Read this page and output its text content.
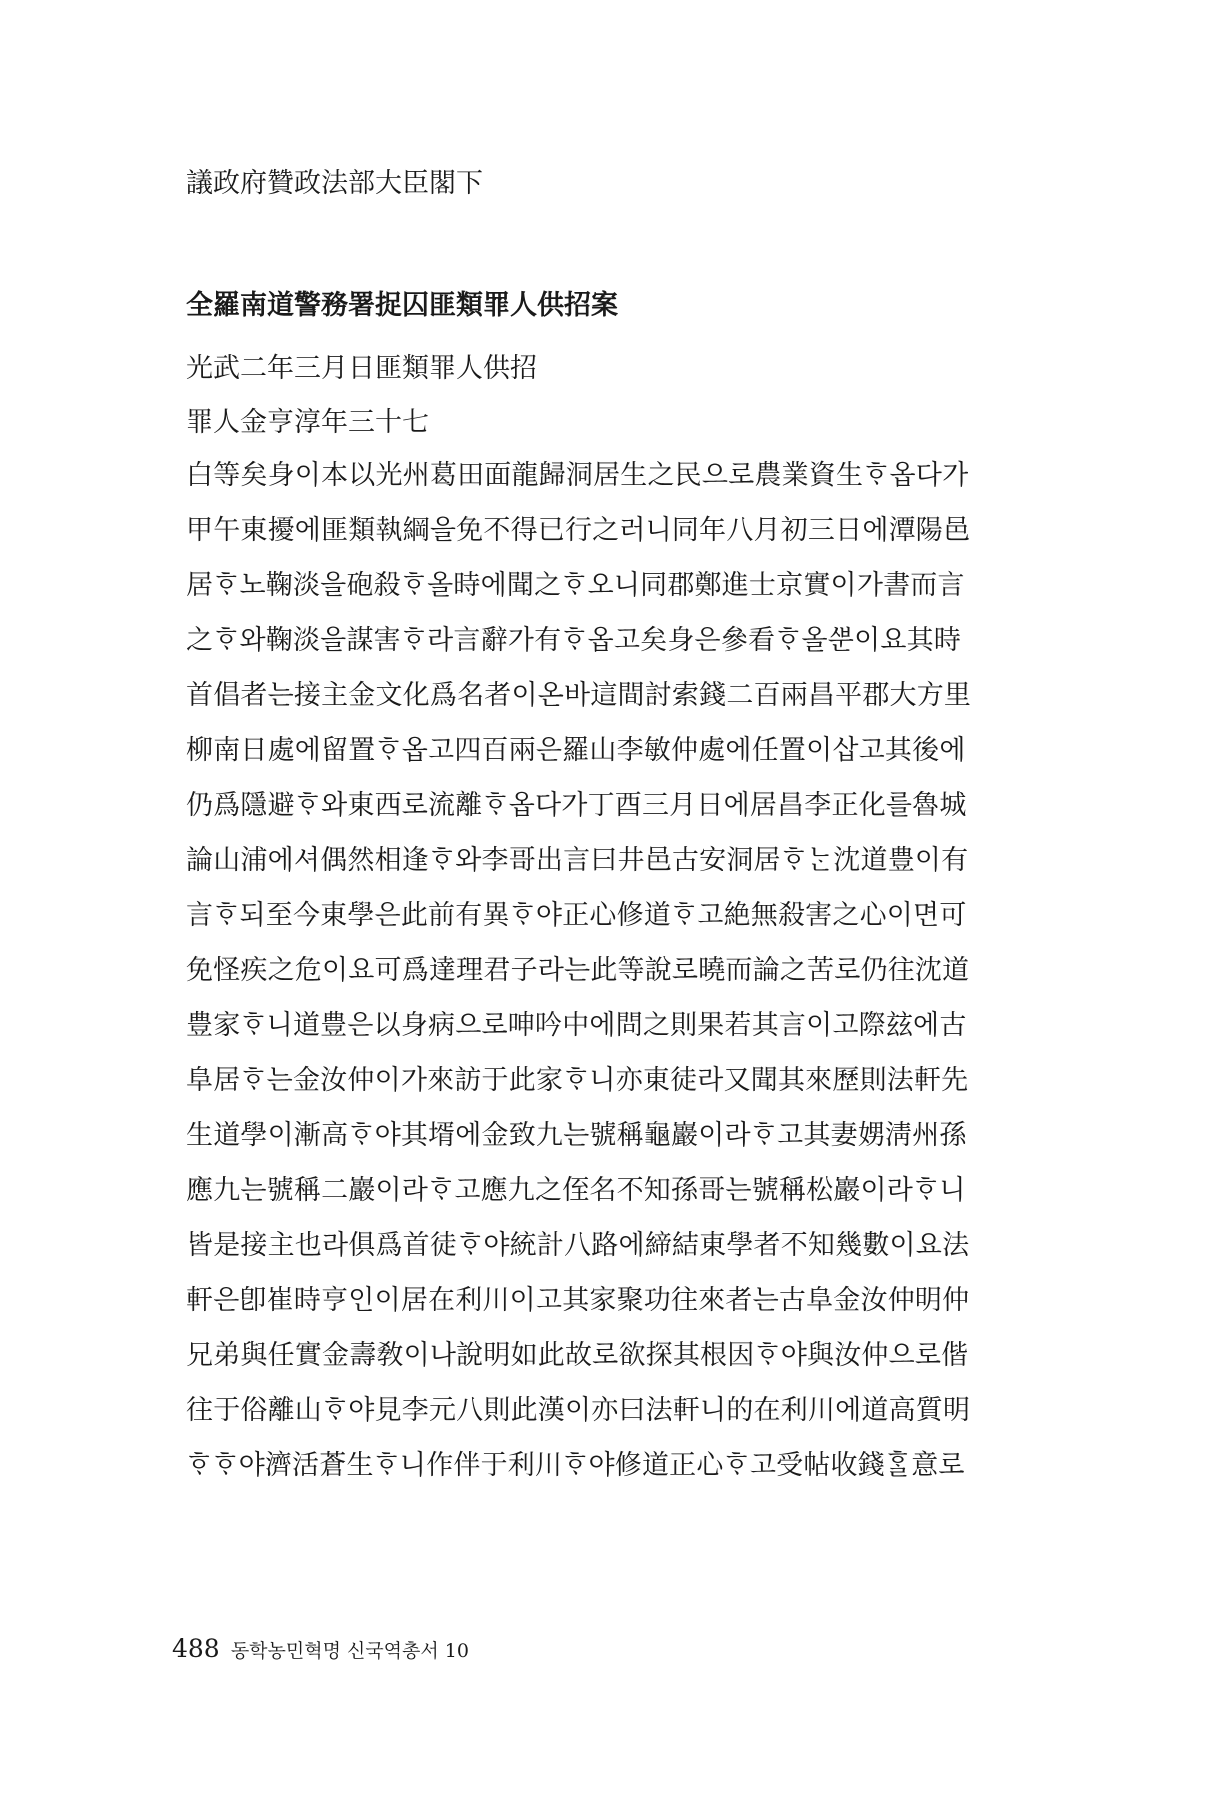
議政府贊政法部大臣閣下
全羅南道警務署捉囚匪類罪人供招案
光武二年三月日匪類罪人供招
罪人金亨淳年三十七
白等矣身이本以光州葛田面龍歸洞居生之民으로農業資生ᄒᆞ옵다가
甲午東擾에匪類執綱을免不得已行之러니同年八月初三日에潭陽邑
居ᄒᆞ노鞠淡을砲殺ᄒᆞ올時에聞之ᄒᆞ오니同郡鄭進士京實이가書而言
之ᄒᆞ와鞠淡을謀害ᄒᆞ라言辭가有ᄒᆞ옵고矣身은參看ᄒᆞ올ᄲᅮᆫ이요其時
首倡者는接主金文化爲名者이온바這間討索錢二百兩昌平郡大方里
柳南日處에留置ᄒᆞ옵고四百兩은羅山李敏仲處에任置이삽고其後에
仍爲隱避ᄒᆞ와東西로流離ᄒᆞ옵다가丁酉三月日에居昌李正化를魯城
論山浦에셔偶然相逢ᄒᆞ와李哥出言曰井邑古安洞居ᄒᆞᄂᆞᆫ沈道豊이有
言ᄒᆞ되至今東學은此前有異ᄒᆞ야正心修道ᄒᆞ고絶無殺害之心이면可
免怪疾之危이요可爲達理君子라는此等說로曉而論之苦로仍往沈道
豊家ᄒᆞ니道豊은以身病으로呻吟中에問之則果若其言이고際玆에古
阜居ᄒᆞ는金汝仲이가來訪于此家ᄒᆞ니亦東徒라又聞其來歷則法軒先
生道學이漸高ᄒᆞ야其壻에金致九는號稱龜巖이라ᄒᆞ고其妻娚淸州孫
應九는號稱二巖이라ᄒᆞ고應九之侄名不知孫哥는號稱松巖이라ᄒᆞ니
皆是接主也라俱爲首徒ᄒᆞ야統計八路에締結東學者不知幾數이요法
軒은卽崔時亨인이居在利川이고其家聚功往來者는古阜金汝仲明仲
兄弟與任實金壽敎이나說明如此故로欲探其根因ᄒᆞ야與汝仲으로偕
往于俗離山ᄒᆞ야見李元八則此漢이亦曰法軒니的在利川에道高質明
ᄒᆞᄒᆞ야濟活蒼生ᄒᆞ니作伴于利川ᄒᆞ야修道正心ᄒᆞ고受帖收錢ᄒᆞᆯ意로
488 동학농민혁명 신국역총서 10
